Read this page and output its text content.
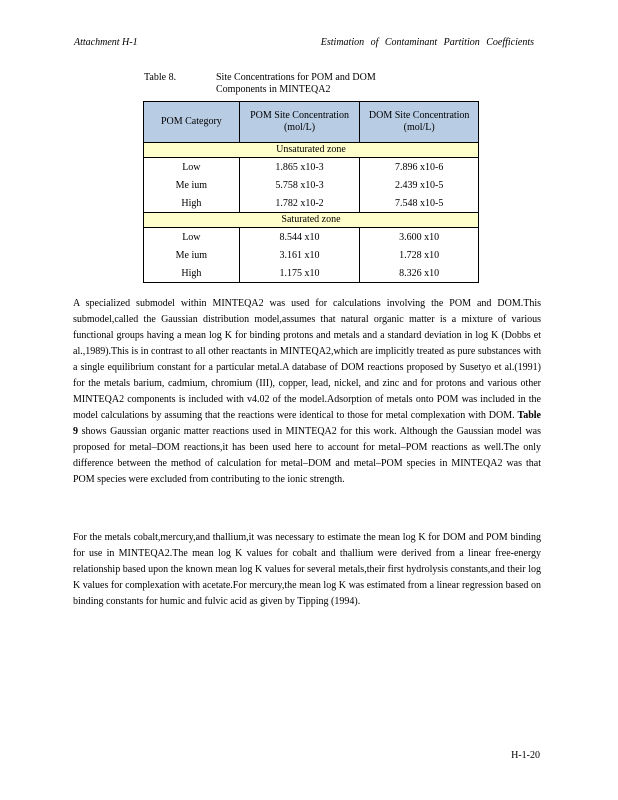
Attachment H-1	Estimation of Contaminant Partition Coefficients
Table 8.	Site Concentrations for POM and DOM Components in MINTEQA2
POM Category	POM Site Concentration (mol/L)	DOM Site Concentration (mol/L)
Unsaturated zone		
Low	1.865 x10-3	7.896 x10-6
Me ium	5.758 x10-3	2.439 x10-5
High	1.782 x10-2	7.548 x10-5
Saturated zone		
Low	8.544 x10	3.600 x10
Me ium	3.161 x10	1.728 x10
High	1.175 x10	8.326 x10

A specialized submodel within MINTEQA2 was used for calculations involving the POM and DOM.This submodel,called the Gaussian distribution model,assumes that natural organic matter is a mixture of various functional groups having a mean log K for binding protons and metals and a standard deviation in log K (Dobbs et al.,1989).This is in contrast to all other reactants in MINTEQA2,which are implicitly treated as pure substances with a single equilibrium constant for a particular metal.A database of DOM reactions proposed by Susetyo et al.(1991) for the metals barium, cadmium, chromium (III), copper, lead, nickel, and zinc and for protons and various other MINTEQA2 components is included with v4.02 of the model.Adsorption of metals onto POM was included in the model calculations by assuming that the reactions were identical to those for metal complexation with DOM. Table 9 shows Gaussian organic matter reactions used in MINTEQA2 for this work. Although the Gaussian model was proposed for metal–DOM reactions,it has been used here to account for metal–POM reactions as well.The only difference between the method of calculation for metal–DOM and metal–POM species in MINTEQA2 was that POM species were excluded from contributing to the ionic strength.

For the metals cobalt,mercury,and thallium,it was necessary to estimate the mean log K for DOM and POM binding for use in MINTEQA2.The mean log K values for cobalt and thallium were derived from a linear free-energy relationship based upon the known mean log K values for several metals,their first hydrolysis constants,and their log K values for complexation with acetate.For mercury,the mean log K was estimated from a linear regression based on binding constants for humic and fulvic acid as given by Tipping (1994).

H-1-20
